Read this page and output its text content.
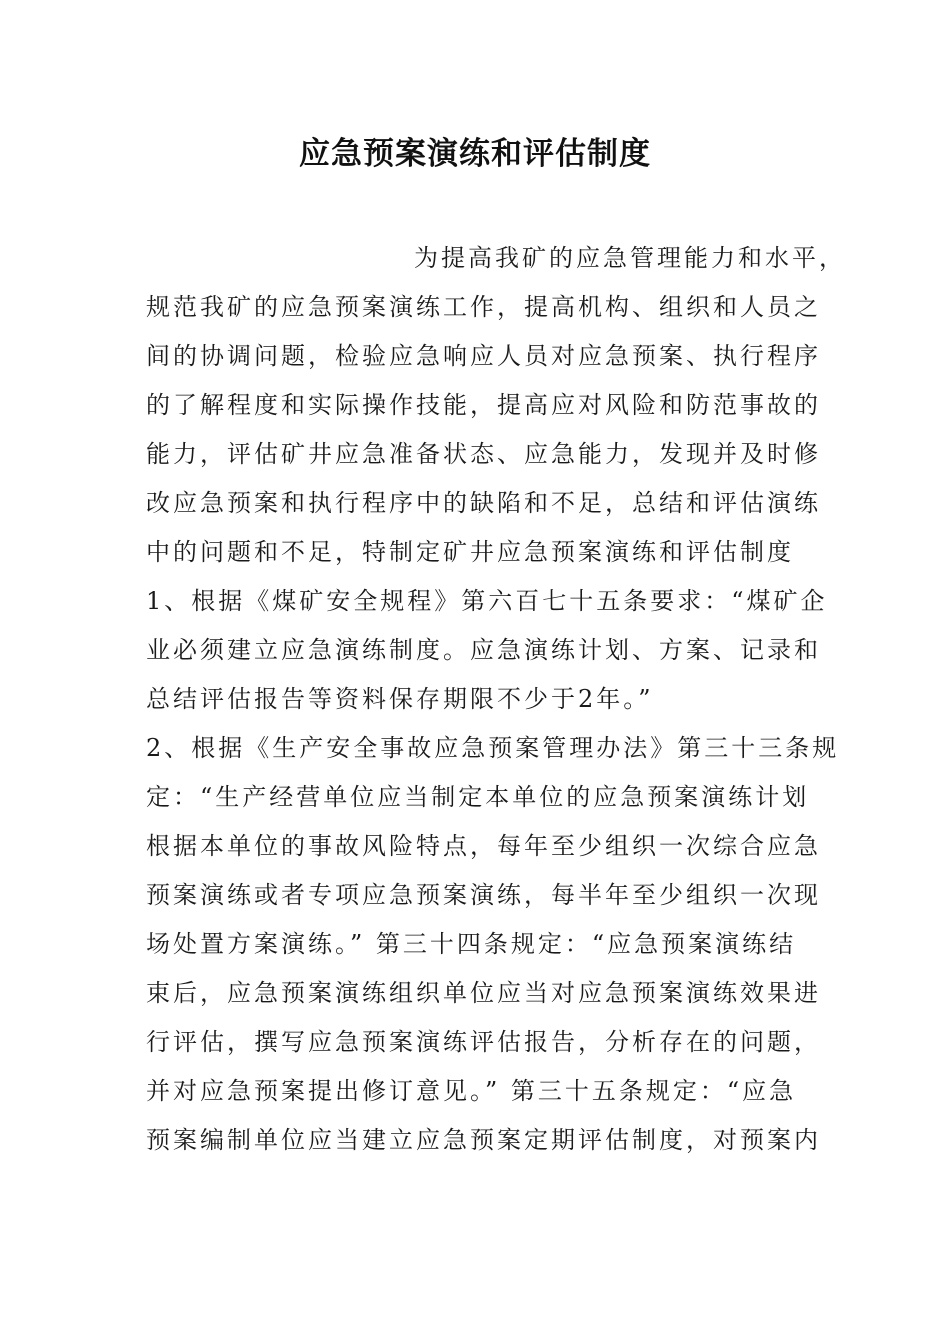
应急预案演练和评估制度
为提高我矿的应急管理能力和水平，
规范我矿的应急预案演练工作，提高机构、组织和人员之
间的协调问题，检验应急响应人员对应急预案、执行程序
的了解程度和实际操作技能，提高应对风险和防范事故的
能力，评估矿井应急准备状态、应急能力，发现并及时修
改应急预案和执行程序中的缺陷和不足，总结和评估演练
中的问题和不足，特制定矿井应急预案演练和评估制度
1、根据《煤矿安全规程》第六百七十五条要求：“煤矿企
业必须建立应急演练制度。应急演练计划、方案、记录和
总结评估报告等资料保存期限不少于2年。”
2、根据《生产安全事故应急预案管理办法》第三十三条规
定：“生产经营单位应当制定本单位的应急预案演练计划
根据本单位的事故风险特点，每年至少组织一次综合应急
预案演练或者专项应急预案演练，每半年至少组织一次现
场处置方案演练。” 第三十四条规定：“应急预案演练结
束后，应急预案演练组织单位应当对应急预案演练效果进
行评估，撰写应急预案演练评估报告，分析存在的问题，
并对应急预案提出修订意见。” 第三十五条规定：“应急
预案编制单位应当建立应急预案定期评估制度，对预案内
